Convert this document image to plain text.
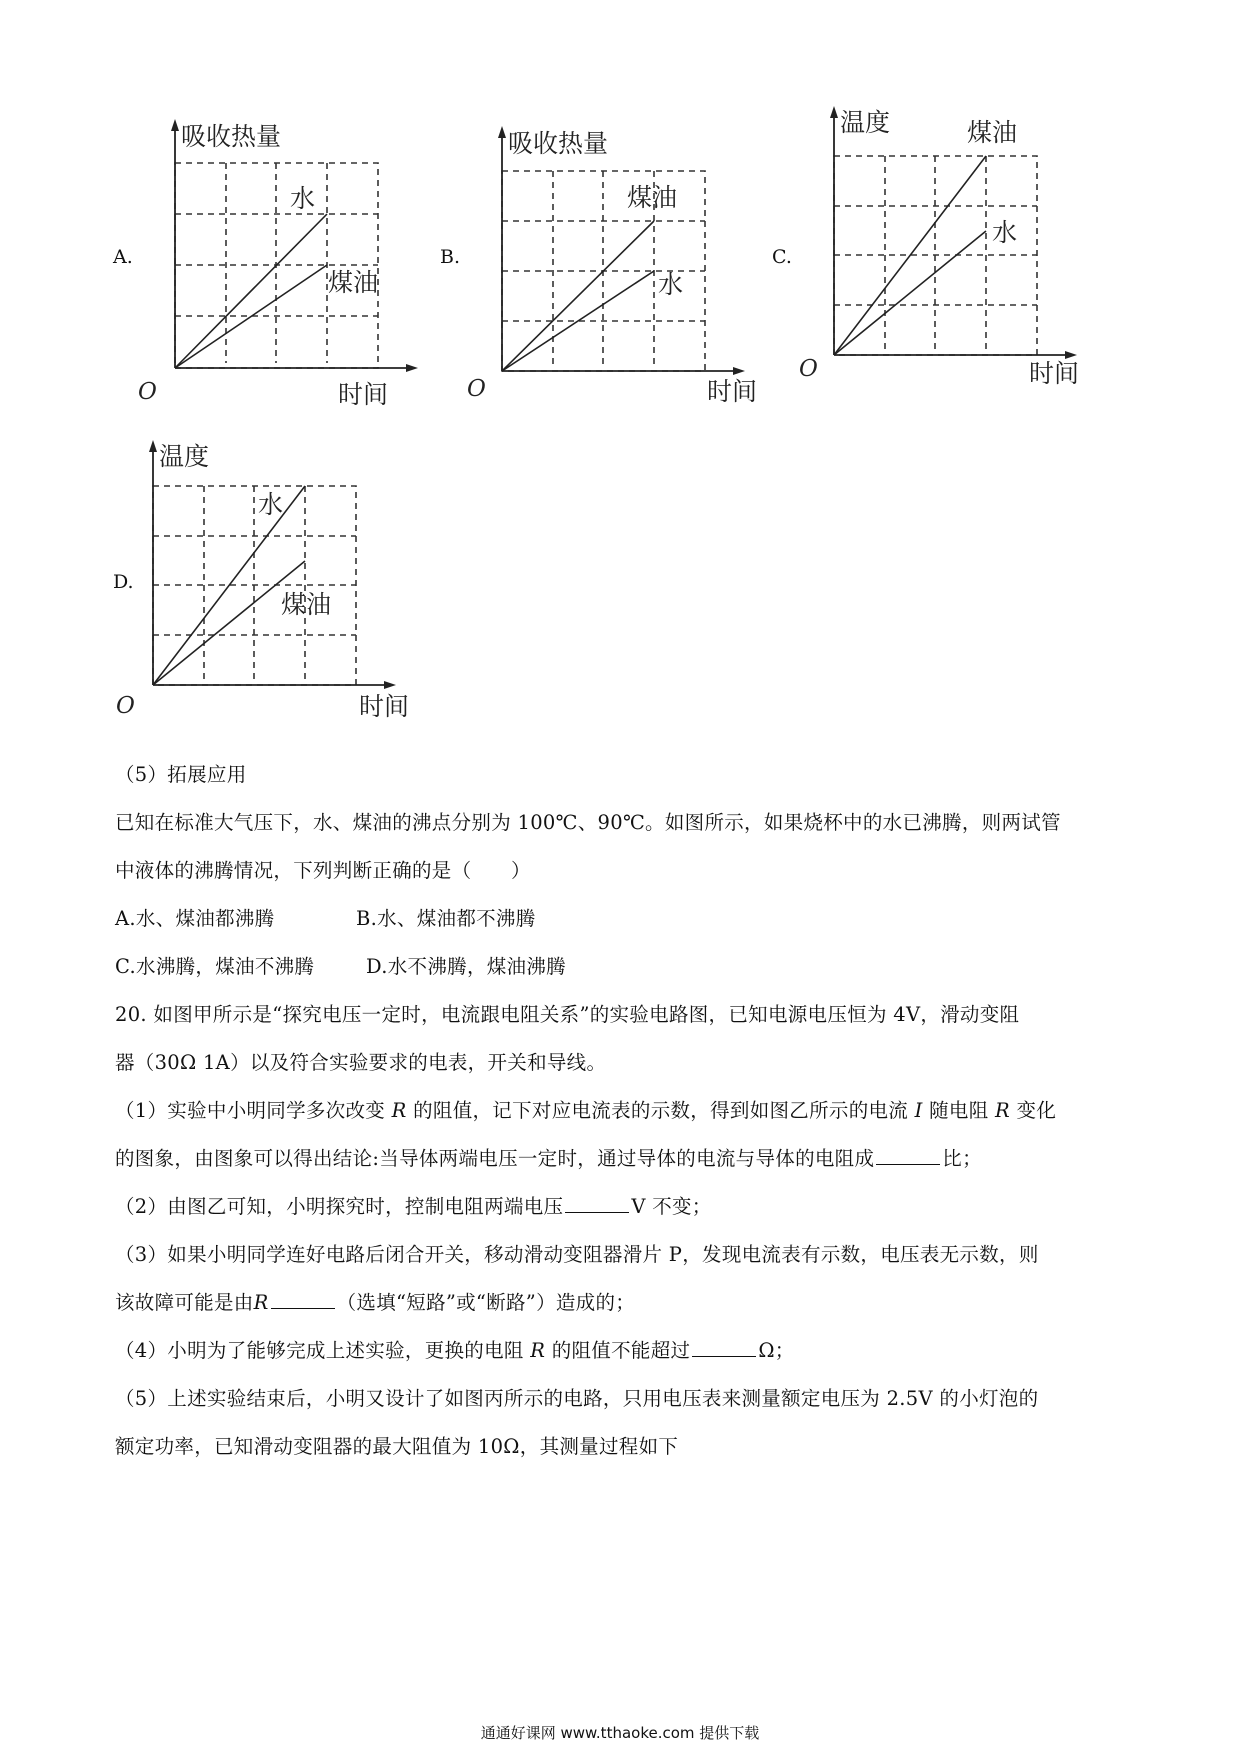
A.	B.	C.
D.
吸收热量
时间
O
水
煤油
吸收热量
时间
O
煤油
水
温度
时间
O
煤油
水
温度
时间
O
水
煤油
（5）拓展应用
已知在标准大气压下，水、煤油的沸点分别为 100℃、90℃。如图所示，如果烧杯中的水已沸腾，则两试管
中液体的沸腾情况，下列判断正确的是（　　）
A.水、煤油都沸腾	B.水、煤油都不沸腾
C.水沸腾，煤油不沸腾	D.水不沸腾，煤油沸腾
20. 如图甲所示是“探究电压一定时，电流跟电阻关系”的实验电路图，已知电源电压恒为 4V，滑动变阻
器（30Ω 1A）以及符合实验要求的电表，开关和导线。
（1）实验中小明同学多次改变 R 的阻值，记下对应电流表的示数，得到如图乙所示的电流 I 随电阻 R 变化
的图象，由图象可以得出结论:当导体两端电压一定时，通过导体的电流与导体的电阻成	比；
（2）由图乙可知，小明探究时，控制电阻两端电压	V 不变；
（3）如果小明同学连好电路后闭合开关，移动滑动变阻器滑片 P，发现电流表有示数，电压表无示数，则
该故障可能是由R	（选填“短路”或“断路”）造成的；
（4）小明为了能够完成上述实验，更换的电阻 R 的阻值不能超过	Ω；
（5）上述实验结束后，小明又设计了如图丙所示的电路，只用电压表来测量额定电压为 2.5V 的小灯泡的
额定功率，已知滑动变阻器的最大阻值为 10Ω，其测量过程如下
通通好课网 www.tthaoke.com 提供下载
